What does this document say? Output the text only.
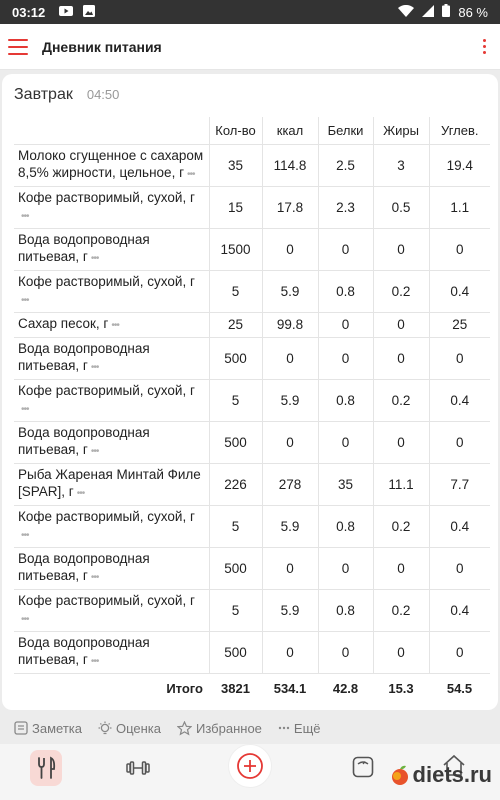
03:12	86 %
Дневник питания
Завтрак 04:50
	Кол-во	ккал	Белки	Жиры	Углев.
Молоко сгущенное с сахаром
8,5% жирности, цельное, г •••	35	114.8	2.5	3	19.4
Кофе растворимый, сухой, г
•••	15	17.8	2.3	0.5	1.1
Вода водопроводная
питьевая, г •••	1500	0	0	0	0
Кофе растворимый, сухой, г
•••	5	5.9	0.8	0.2	0.4
Сахар песок, г •••	25	99.8	0	0	25
Вода водопроводная
питьевая, г •••	500	0	0	0	0
Кофе растворимый, сухой, г
•••	5	5.9	0.8	0.2	0.4
Вода водопроводная
питьевая, г •••	500	0	0	0	0
Рыба Жареная Минтай Филе
[SPAR], г •••	226	278	35	11.1	7.7
Кофе растворимый, сухой, г
•••	5	5.9	0.8	0.2	0.4
Вода водопроводная
питьевая, г •••	500	0	0	0	0
Кофе растворимый, сухой, г
•••	5	5.9	0.8	0.2	0.4
Вода водопроводная
питьевая, г •••	500	0	0	0	0
Итого	3821	534.1	42.8	15.3	54.5
Заметка	Оценка	Избранное Ещё
diets.ru
